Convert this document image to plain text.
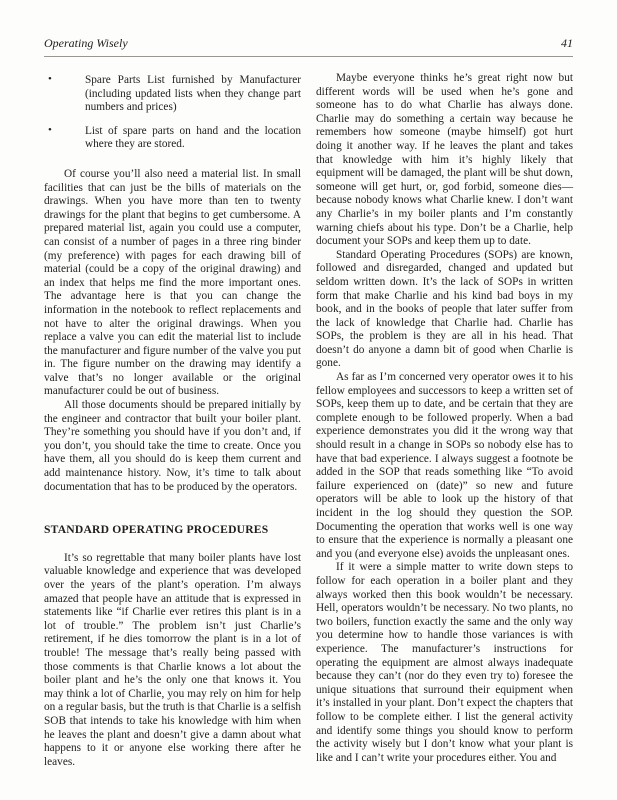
Operating Wisely	41
•	Spare Parts List furnished by Manufacturer (including updated lists when they change part numbers and prices)
•	List of spare parts on hand and the location where they are stored.

Of course you’ll also need a material list. In small facilities that can just be the bills of materials on the drawings. When you have more than ten to twenty drawings for the plant that begins to get cumbersome. A prepared material list, again you could use a computer, can consist of a number of pages in a three ring binder (my preference) with pages for each drawing bill of material (could be a copy of the original drawing) and an index that helps me find the more important ones. The advantage here is that you can change the information in the notebook to reflect replacements and not have to alter the original drawings. When you replace a valve you can edit the material list to include the manufacturer and figure number of the valve you put in. The figure number on the drawing may identify a valve that’s no longer available or the original manufacturer could be out of business.

All those documents should be prepared initially by the engineer and contractor that built your boiler plant. They’re something you should have if you don’t and, if you don’t, you should take the time to create. Once you have them, all you should do is keep them current and add maintenance history. Now, it’s time to talk about documentation that has to be produced by the operators.

STANDARD OPERATING PROCEDURES

It’s so regrettable that many boiler plants have lost valuable knowledge and experience that was developed over the years of the plant’s operation. I’m always amazed that people have an attitude that is expressed in statements like “if Charlie ever retires this plant is in a lot of trouble.” The problem isn’t just Charlie’s retirement, if he dies tomorrow the plant is in a lot of trouble! The message that’s really being passed with those comments is that Charlie knows a lot about the boiler plant and he’s the only one that knows it. You may think a lot of Charlie, you may rely on him for help on a regular basis, but the truth is that Charlie is a selfish SOB that intends to take his knowledge with him when he leaves the plant and doesn’t give a damn about what happens to it or anyone else working there after he leaves.

Maybe everyone thinks he’s great right now but different words will be used when he’s gone and someone has to do what Charlie has always done. Charlie may do something a certain way because he remembers how someone (maybe himself) got hurt doing it another way. If he leaves the plant and takes that knowledge with him it’s highly likely that equipment will be damaged, the plant will be shut down, someone will get hurt, or, god forbid, someone dies—because nobody knows what Charlie knew. I don’t want any Charlie’s in my boiler plants and I’m constantly warning chiefs about his type. Don’t be a Charlie, help document your SOPs and keep them up to date.

Standard Operating Procedures (SOPs) are known, followed and disregarded, changed and updated but seldom written down. It’s the lack of SOPs in written form that make Charlie and his kind bad boys in my book, and in the books of people that later suffer from the lack of knowledge that Charlie had. Charlie has SOPs, the problem is they are all in his head. That doesn’t do anyone a damn bit of good when Charlie is gone.

As far as I’m concerned very operator owes it to his fellow employees and successors to keep a written set of SOPs, keep them up to date, and be certain that they are complete enough to be followed properly. When a bad experience demonstrates you did it the wrong way that should result in a change in SOPs so nobody else has to have that bad experience. I always suggest a footnote be added in the SOP that reads something like “To avoid failure experienced on (date)” so new and future operators will be able to look up the history of that incident in the log should they question the SOP. Documenting the operation that works well is one way to ensure that the experience is normally a pleasant one and you (and everyone else) avoids the unpleasant ones.

If it were a simple matter to write down steps to follow for each operation in a boiler plant and they always worked then this book wouldn’t be necessary. Hell, operators wouldn’t be necessary. No two plants, no two boilers, function exactly the same and the only way you determine how to handle those variances is with experience. The manufacturer’s instructions for operating the equipment are almost always inadequate because they can’t (nor do they even try to) foresee the unique situations that surround their equipment when it’s installed in your plant. Don’t expect the chapters that follow to be complete either. I list the general activity and identify some things you should know to perform the activity wisely but I don’t know what your plant is like and I can’t write your procedures either. You and
